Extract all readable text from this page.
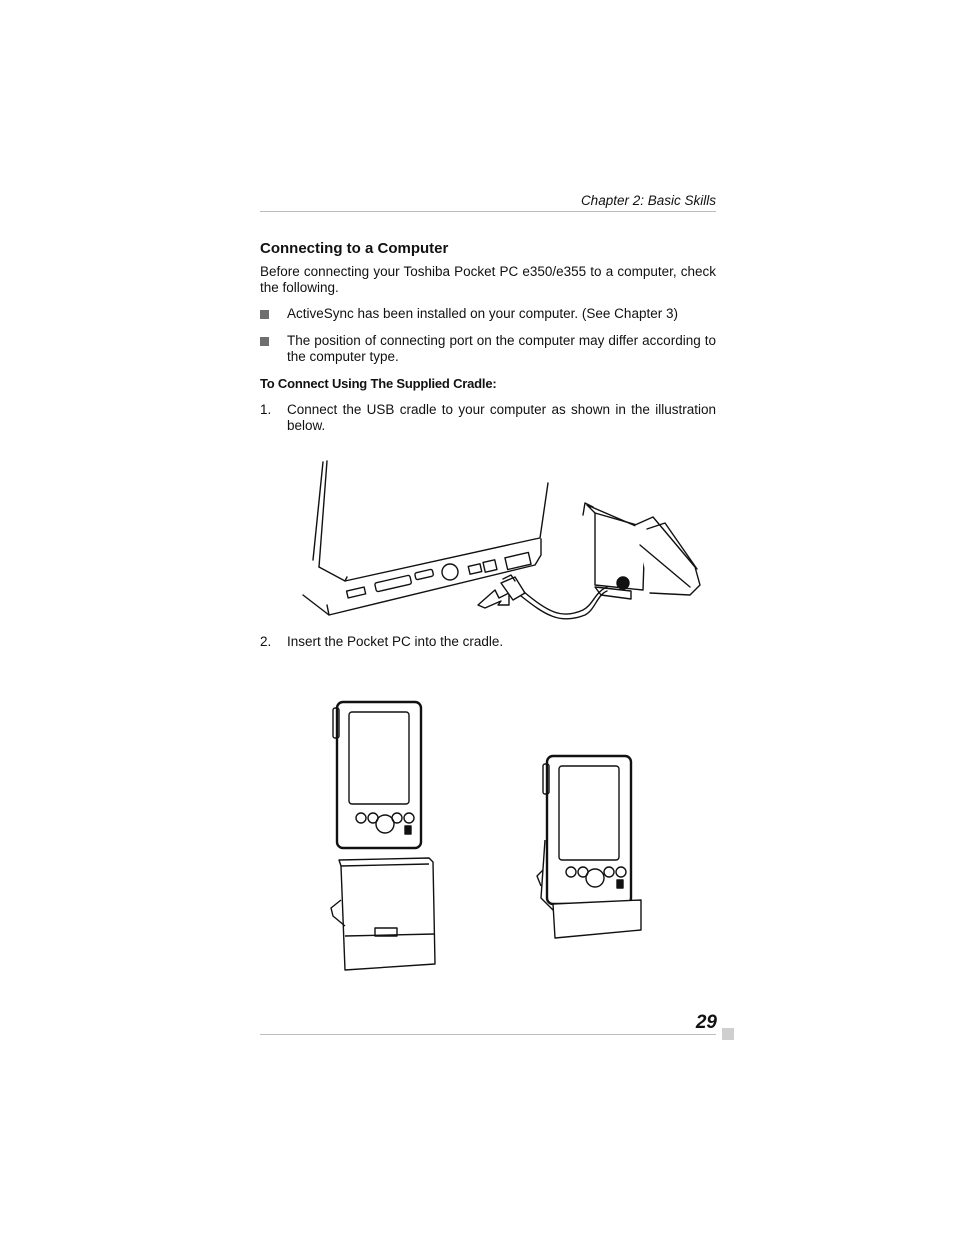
Chapter 2: Basic Skills
Connecting to a Computer
Before connecting your Toshiba Pocket PC e350/e355 to a computer, check the following.
ActiveSync has been installed on your computer. (See Chapter 3)
The position of connecting port on the computer may differ according to the computer type.
To Connect Using The Supplied Cradle:
1. Connect the USB cradle to your computer as shown in the illustration below.
2. Insert the Pocket PC into the cradle.
29
